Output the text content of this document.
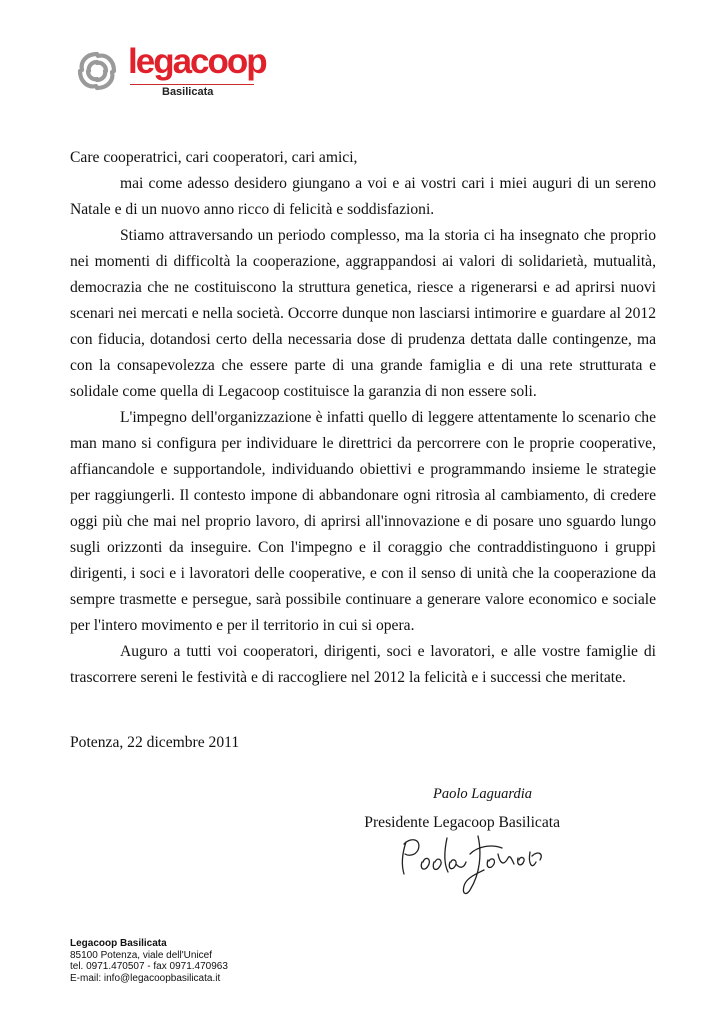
legacoop
Basilicata

Care cooperatrici, cari cooperatori, cari amici,

mai come adesso desidero giungano a voi e ai vostri cari i miei auguri di un sereno Natale e di un nuovo anno ricco di felicità e soddisfazioni.

Stiamo attraversando un periodo complesso, ma la storia ci ha insegnato che proprio nei momenti di difficoltà la cooperazione, aggrappandosi ai valori di solidarietà, mutualità, democrazia che ne costituiscono la struttura genetica, riesce a rigenerarsi e ad aprirsi nuovi scenari nei mercati e nella società. Occorre dunque non lasciarsi intimorire e guardare al 2012 con fiducia, dotandosi certo della necessaria dose di prudenza dettata dalle contingenze, ma con la consapevolezza che essere parte di una grande famiglia e di una rete strutturata e solidale come quella di Legacoop costituisce la garanzia di non essere soli.

L'impegno dell'organizzazione è infatti quello di leggere attentamente lo scenario che man mano si configura per individuare le direttrici da percorrere con le proprie cooperative, affiancandole e supportandole, individuando obiettivi e programmando insieme le strategie per raggiungerli. Il contesto impone di abbandonare ogni ritrosìa al cambiamento, di credere oggi più che mai nel proprio lavoro, di aprirsi all'innovazione e di posare uno sguardo lungo sugli orizzonti da inseguire. Con l'impegno e il coraggio che contraddistinguono i gruppi dirigenti, i soci e i lavoratori delle cooperative, e con il senso di unità che la cooperazione da sempre trasmette e persegue, sarà possibile continuare a generare valore economico e sociale per l'intero movimento e per il territorio in cui si opera.

Auguro a tutti voi cooperatori, dirigenti, soci e lavoratori, e alle vostre famiglie di trascorrere sereni le festività e di raccogliere nel 2012 la felicità e i successi che meritate.

Potenza, 22 dicembre 2011
Paolo Laguardia
Presidente Legacoop Basilicata
Legacoop Basilicata
85100 Potenza, viale dell'Unicef
tel. 0971.470507 - fax 0971.470963
E-mail: info@legacoopbasilicata.it
